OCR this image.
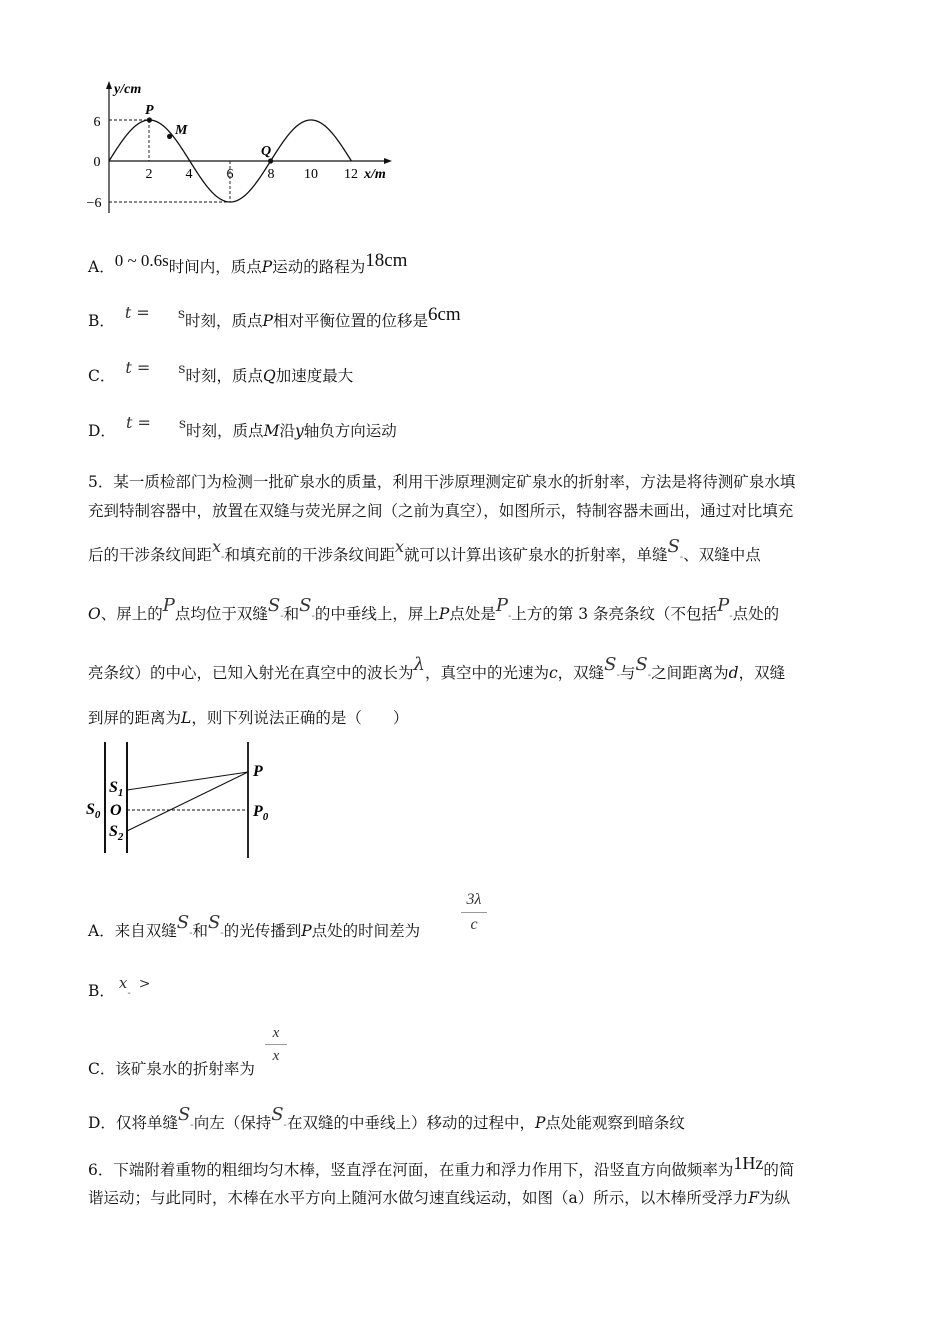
y/cm
x/m
6
0
−6
2 4 6 8 10 12
P
M
Q
A．0 ~ 0.6s时间内，质点P运动的路程为18cm
B． t = s时刻，质点P相对平衡位置的位移是6cm
C． t = s时刻，质点Q加速度最大
D． t = s时刻，质点M沿y轴负方向运动
5．某一质检部门为检测一批矿泉水的质量，利用干涉原理测定矿泉水的折射率，方法是将待测矿泉水填
充到特制容器中，放置在双缝与荧光屏之间（之前为真空），如图所示，特制容器未画出，通过对比填充
后的干涉条纹间距x-和填充前的干涉条纹间距x就可以计算出该矿泉水的折射率，单缝S-、双缝中点
O、屏上的P点均位于双缝S-和S-的中垂线上，屏上P点处是P-上方的第 3 条亮条纹（不包括P-点处的
亮条纹）的中心，已知入射光在真空中的波长为λ，真空中的光速为c，双缝S-与S-之间距离为d，双缝
到屏的距离为L，则下列说法正确的是（　　）
$S_0$
$S_1$
O
$S_2$
P
$P_0$
A．来自双缝S-和S-的光传播到P点处的时间差为
3λ
c
B． x->
C．该矿泉水的折射率为
x
x
D．仅将单缝S-向左（保持S-在双缝的中垂线上）移动的过程中，P点处能观察到暗条纹
6．下端附着重物的粗细均匀木棒，竖直浮在河面，在重力和浮力作用下，沿竖直方向做频率为1Hz的简
谐运动；与此同时，木棒在水平方向上随河水做匀速直线运动，如图（a）所示，以木棒所受浮力F为纵
